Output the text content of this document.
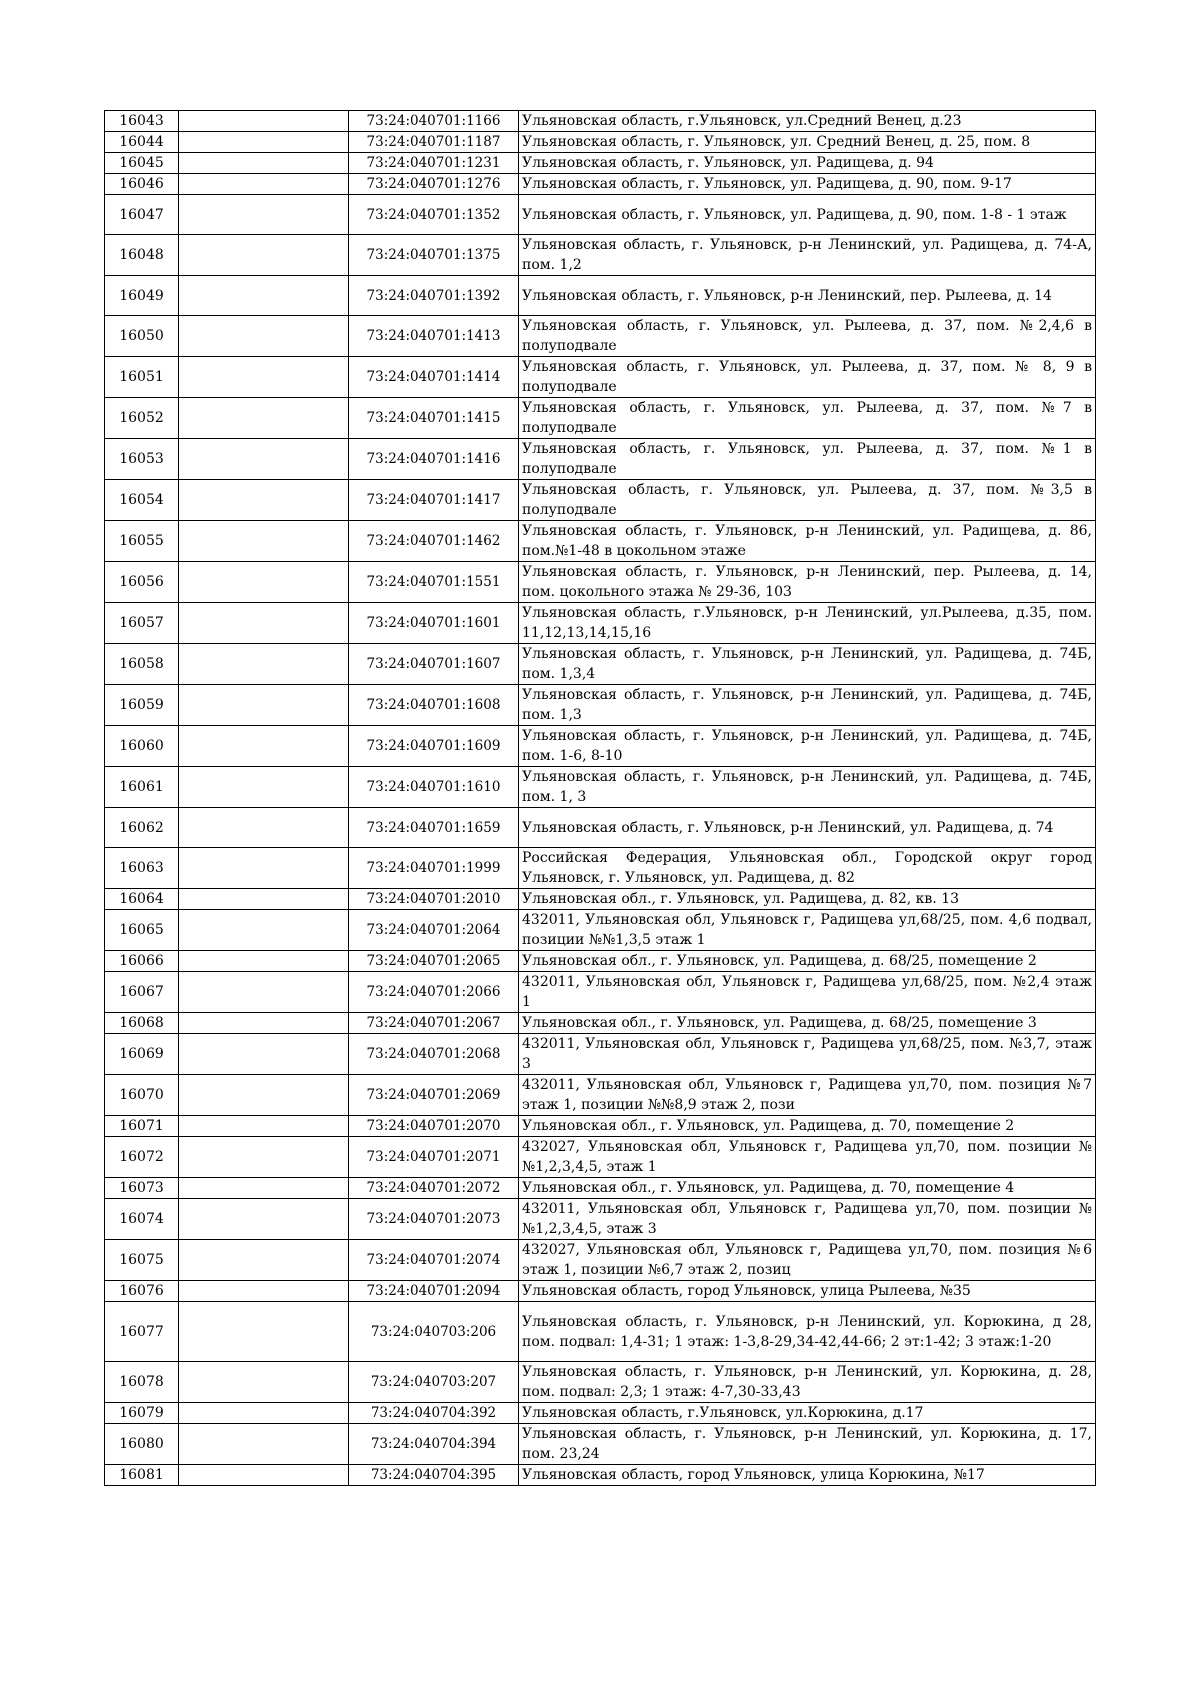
16043		73:24:040701:1166	Ульяновская область, г.Ульяновск, ул.Средний Венец, д.23
16044		73:24:040701:1187	Ульяновская область, г. Ульяновск, ул. Средний Венец, д. 25, пом. 8
16045		73:24:040701:1231	Ульяновская область, г. Ульяновск, ул. Радищева, д. 94
16046		73:24:040701:1276	Ульяновская область, г. Ульяновск, ул. Радищева, д. 90, пом. 9-17
16047		73:24:040701:1352	Ульяновская область, г. Ульяновск, ул. Радищева, д. 90, пом. 1-8 - 1 этаж
16048		73:24:040701:1375	Ульяновская область, г. Ульяновск, р-н Ленинский, ул. Радищева, д. 74-А, пом. 1,2
16049		73:24:040701:1392	Ульяновская область, г. Ульяновск, р-н Ленинский, пер. Рылеева, д. 14
16050		73:24:040701:1413	Ульяновская область, г. Ульяновск, ул. Рылеева, д. 37, пом. №2,4,6 в полуподвале
16051		73:24:040701:1414	Ульяновская область, г. Ульяновск, ул. Рылеева, д. 37, пом. № 8, 9 в полуподвале
16052		73:24:040701:1415	Ульяновская область, г. Ульяновск, ул. Рылеева, д. 37, пом. №7 в полуподвале
16053		73:24:040701:1416	Ульяновская область, г. Ульяновск, ул. Рылеева, д. 37, пом. №1 в полуподвале
16054		73:24:040701:1417	Ульяновская область, г. Ульяновск, ул. Рылеева, д. 37, пом. №3,5 в полуподвале
16055		73:24:040701:1462	Ульяновская область, г. Ульяновск, р-н Ленинский, ул. Радищева, д. 86, пом.№1-48 в цокольном этаже
16056		73:24:040701:1551	Ульяновская область, г. Ульяновск, р-н Ленинский, пер. Рылеева, д. 14, пом. цокольного этажа № 29-36, 103
16057		73:24:040701:1601	Ульяновская область, г.Ульяновск, р-н Ленинский, ул.Рылеева, д.35, пом. 11,12,13,14,15,16
16058		73:24:040701:1607	Ульяновская область, г. Ульяновск, р-н Ленинский, ул. Радищева, д. 74Б, пом. 1,3,4
16059		73:24:040701:1608	Ульяновская область, г. Ульяновск, р-н Ленинский, ул. Радищева, д. 74Б, пом. 1,3
16060		73:24:040701:1609	Ульяновская область, г. Ульяновск, р-н Ленинский, ул. Радищева, д. 74Б, пом. 1-6, 8-10
16061		73:24:040701:1610	Ульяновская область, г. Ульяновск, р-н Ленинский, ул. Радищева, д. 74Б, пом. 1, 3
16062		73:24:040701:1659	Ульяновская область, г. Ульяновск, р-н Ленинский, ул. Радищева, д. 74
16063		73:24:040701:1999	Российская Федерация, Ульяновская обл., Городской округ город Ульяновск, г. Ульяновск, ул. Радищева, д. 82
16064		73:24:040701:2010	Ульяновская обл., г. Ульяновск, ул. Радищева, д. 82, кв. 13
16065		73:24:040701:2064	432011, Ульяновская обл, Ульяновск г, Радищева ул,68/25, пом. 4,6 подвал, позиции №№1,3,5 этаж 1
16066		73:24:040701:2065	Ульяновская обл., г. Ульяновск, ул. Радищева, д. 68/25, помещение 2
16067		73:24:040701:2066	432011, Ульяновская обл, Ульяновск г, Радищева ул,68/25, пом. №2,4 этаж 1
16068		73:24:040701:2067	Ульяновская обл., г. Ульяновск, ул. Радищева, д. 68/25, помещение 3
16069		73:24:040701:2068	432011, Ульяновская обл, Ульяновск г, Радищева ул,68/25, пом. №3,7, этаж 3
16070		73:24:040701:2069	432011, Ульяновская обл, Ульяновск г, Радищева ул,70, пом. позиция №7 этаж 1, позиции №№8,9 этаж 2, пози
16071		73:24:040701:2070	Ульяновская обл., г. Ульяновск, ул. Радищева, д. 70, помещение 2
16072		73:24:040701:2071	432027, Ульяновская обл, Ульяновск г, Радищева ул,70, пом. позиции №№1,2,3,4,5, этаж 1
16073		73:24:040701:2072	Ульяновская обл., г. Ульяновск, ул. Радищева, д. 70, помещение 4
16074		73:24:040701:2073	432011, Ульяновская обл, Ульяновск г, Радищева ул,70, пом. позиции №№1,2,3,4,5, этаж 3
16075		73:24:040701:2074	432027, Ульяновская обл, Ульяновск г, Радищева ул,70, пом. позиция №6 этаж 1, позиции №6,7 этаж 2, позиц
16076		73:24:040701:2094	Ульяновская область, город Ульяновск, улица Рылеева, №35
16077		73:24:040703:206	Ульяновская область, г. Ульяновск, р-н Ленинский, ул. Корюкина, д 28, пом. подвал: 1,4-31; 1 этаж: 1-3,8-29,34-42,44-66; 2 эт:1-42; 3 этаж:1-20
16078		73:24:040703:207	Ульяновская область, г. Ульяновск, р-н Ленинский, ул. Корюкина, д. 28, пом. подвал: 2,3; 1 этаж: 4-7,30-33,43
16079		73:24:040704:392	Ульяновская область, г.Ульяновск, ул.Корюкина, д.17
16080		73:24:040704:394	Ульяновская область, г. Ульяновск, р-н Ленинский, ул. Корюкина, д. 17, пом. 23,24
16081		73:24:040704:395	Ульяновская область, город Ульяновск, улица Корюкина, №17
